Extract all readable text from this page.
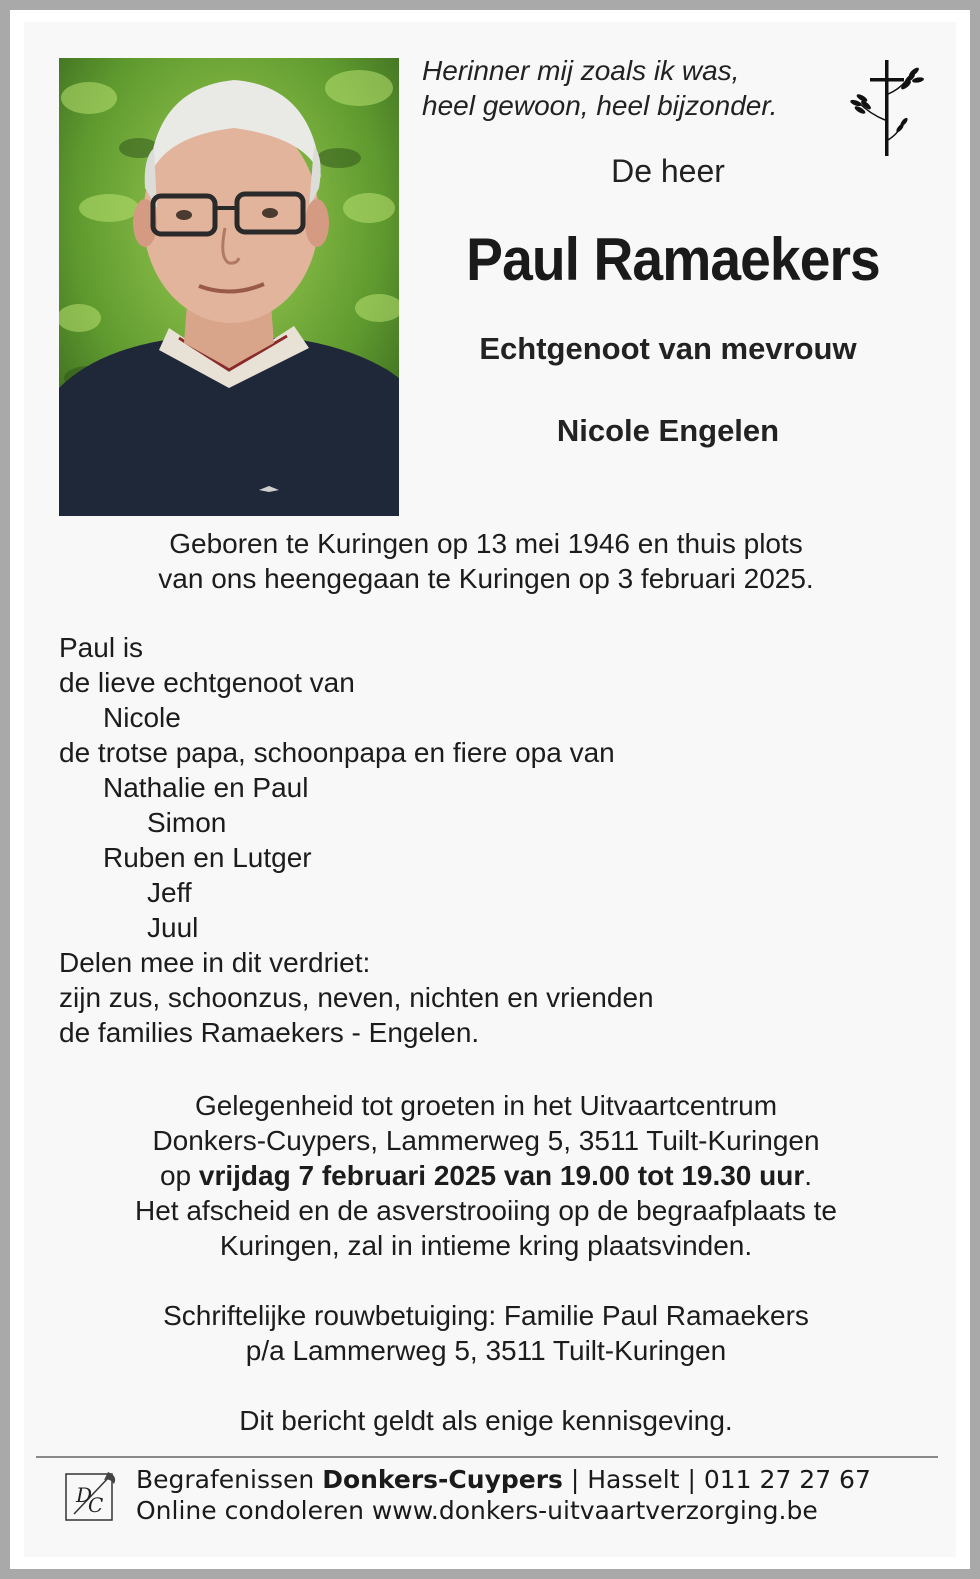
Herinner mij zoals ik was,
heel gewoon, heel bijzonder.
De heer
Paul Ramaekers
Echtgenoot van mevrouw
Nicole Engelen
Geboren te Kuringen op 13 mei 1946 en thuis plots
van ons heengegaan te Kuringen op 3 februari 2025.
Paul is
de lieve echtgenoot van
Nicole
de trotse papa, schoonpapa en fiere opa van
Nathalie en Paul
Simon
Ruben en Lutger
Jeff
Juul
Delen mee in dit verdriet:
zijn zus, schoonzus, neven, nichten en vrienden
de families Ramaekers - Engelen.
Gelegenheid tot groeten in het Uitvaartcentrum
Donkers-Cuypers, Lammerweg 5, 3511 Tuilt-Kuringen
op vrijdag 7 februari 2025 van 19.00 tot 19.30 uur.
Het afscheid en de asverstrooiing op de begraafplaats te
Kuringen, zal in intieme kring plaatsvinden.
Schriftelijke rouwbetuiging: Familie Paul Ramaekers
p/a Lammerweg 5, 3511 Tuilt-Kuringen
Dit bericht geldt als enige kennisgeving.
D
C
Begrafenissen Donkers-Cuypers | Hasselt | 011 27 27 67
Online condoleren www.donkers-uitvaartverzorging.be
